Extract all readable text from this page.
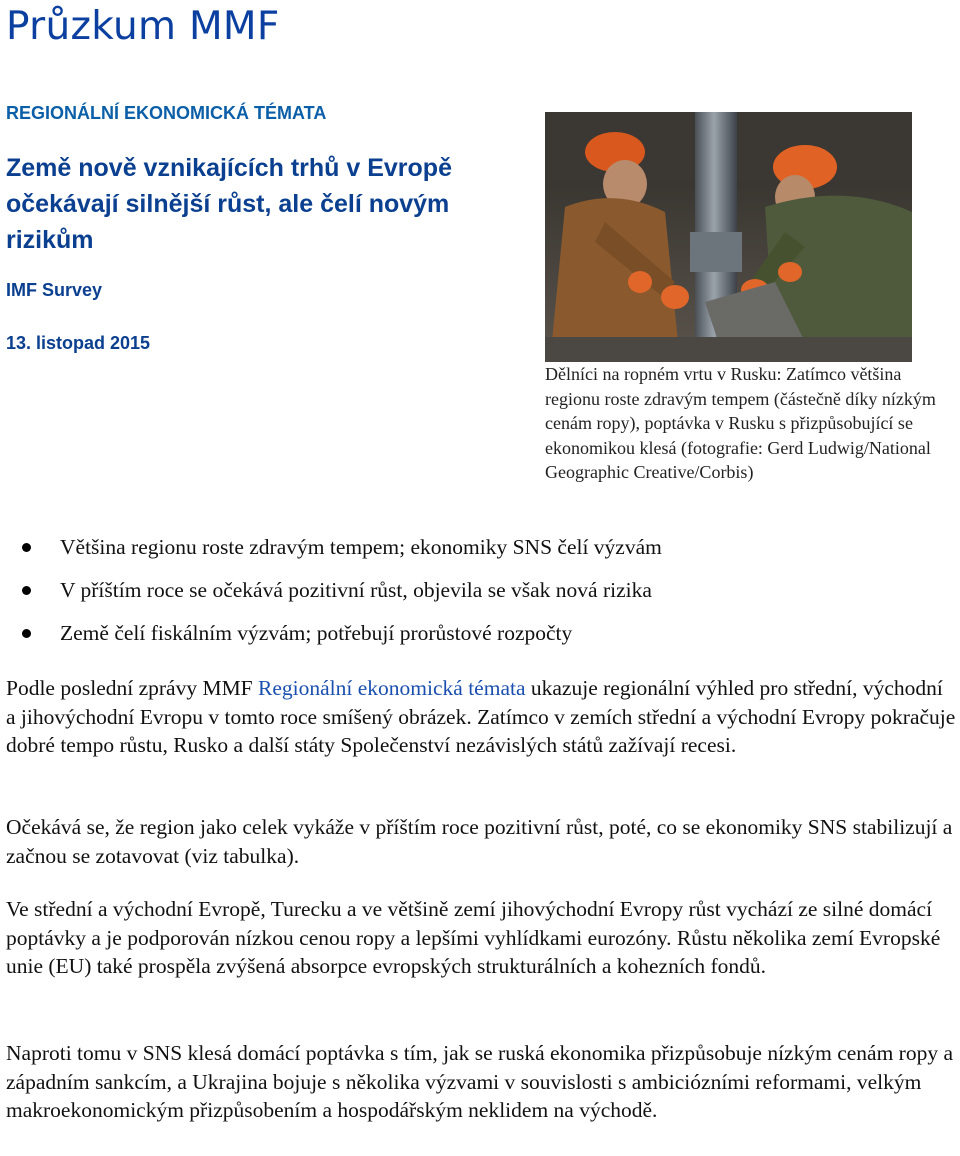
Průzkum MMF

REGIONÁLNÍ EKONOMICKÁ TÉMATA

Země nově vznikajících trhů v Evropě očekávají silnější růst, ale čelí novým rizikům

IMF Survey

13. listopad 2015

Dělníci na ropném vrtu v Rusku: Zatímco většina regionu roste zdravým tempem (částečně díky nízkým cenám ropy), poptávka v Rusku s přizpůsobující se ekonomikou klesá (fotografie: Gerd Ludwig/National Geographic Creative/Corbis)

Většina regionu roste zdravým tempem; ekonomiky SNS čelí výzvám
V příštím roce se očekává pozitivní růst, objevila se však nová rizika
Země čelí fiskálním výzvám; potřebují prorůstové rozpočty

Podle poslední zprávy MMF Regionální ekonomická témata ukazuje regionální výhled pro střední, východní a jihovýchodní Evropu v tomto roce smíšený obrázek. Zatímco v zemích střední a východní Evropy pokračuje dobré tempo růstu, Rusko a další státy Společenství nezávislých států zažívají recesi.

Očekává se, že region jako celek vykáže v příštím roce pozitivní růst, poté, co se ekonomiky SNS stabilizují a začnou se zotavovat (viz tabulka).

Ve střední a východní Evropě, Turecku a ve většině zemí jihovýchodní Evropy růst vychází ze silné domácí poptávky a je podporován nízkou cenou ropy a lepšími vyhlídkami eurozóny. Růstu několika zemí Evropské unie (EU) také prospěla zvýšená absorpce evropských strukturálních a kohezních fondů.

Naproti tomu v SNS klesá domácí poptávka s tím, jak se ruská ekonomika přizpůsobuje nízkým cenám ropy a západním sankcím, a Ukrajina bojuje s několika výzvami v souvislosti s ambiciózními reformami, velkým makroekonomickým přizpůsobením a hospodářským neklidem na východě.
